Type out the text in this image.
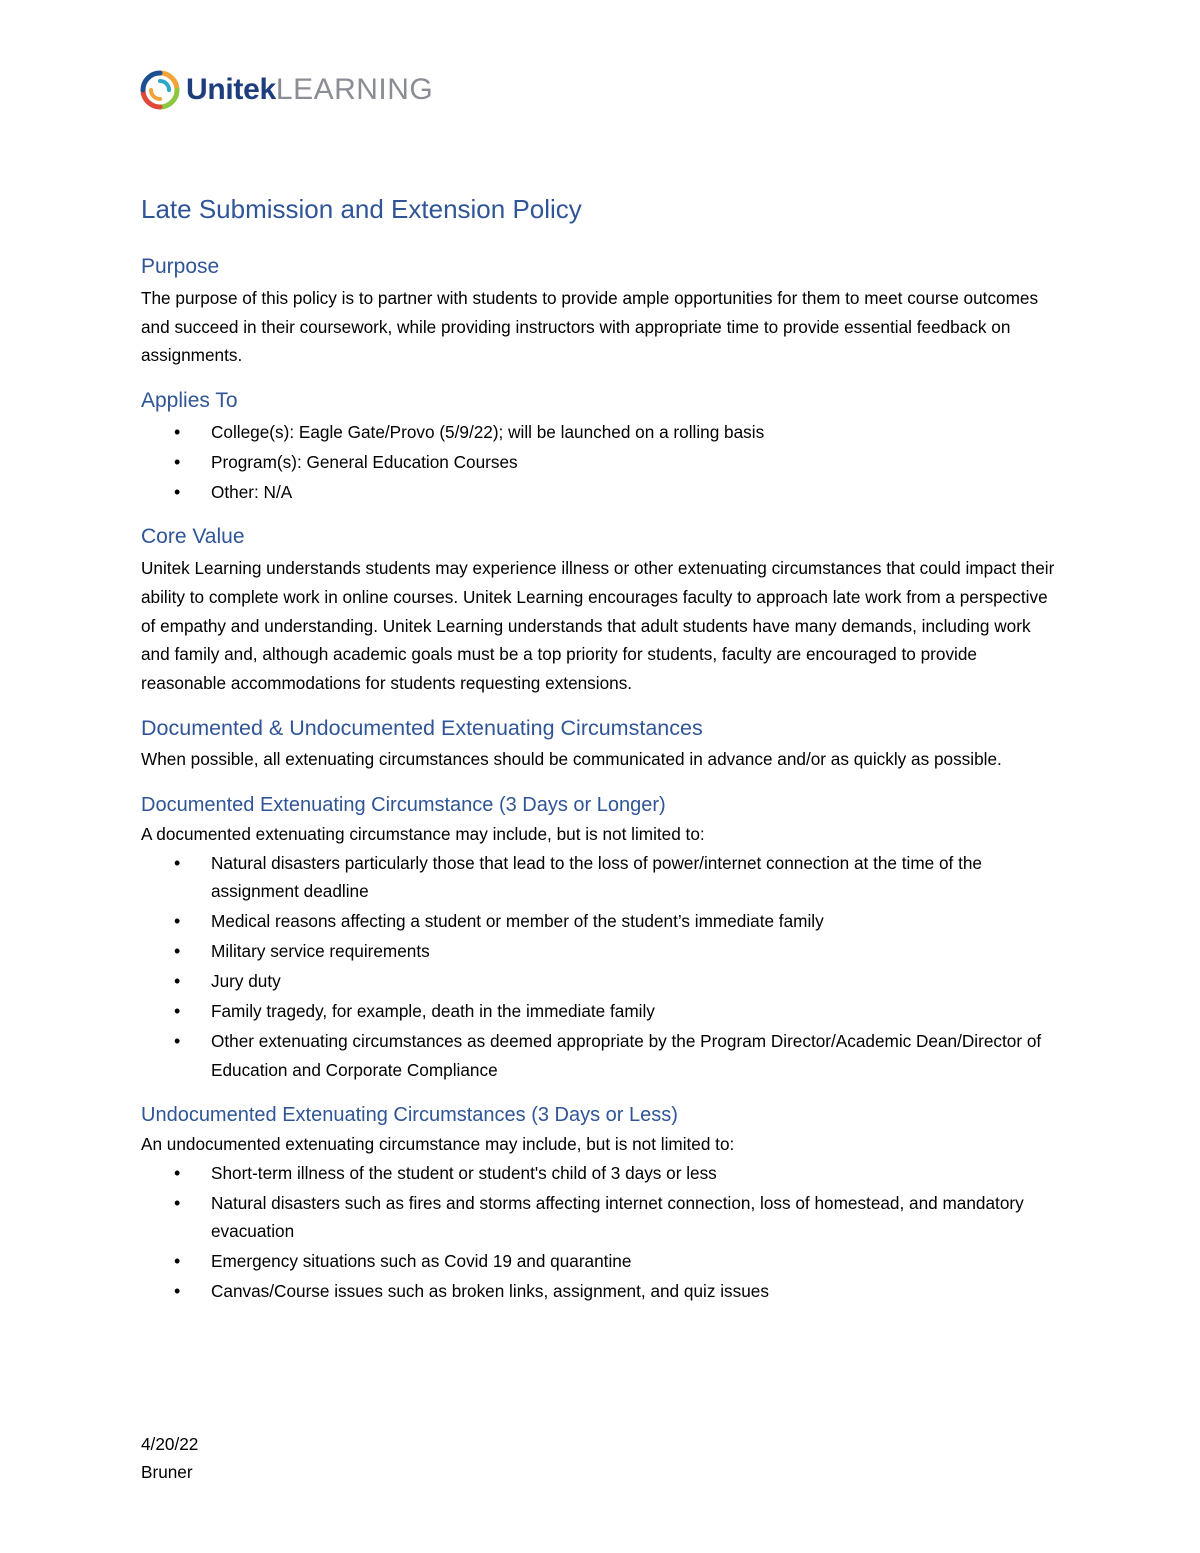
UnitekLEARNING
Late Submission and Extension Policy
Purpose

The purpose of this policy is to partner with students to provide ample opportunities for them to meet course outcomes and succeed in their coursework, while providing instructors with appropriate time to provide essential feedback on assignments.

Applies To
• College(s): Eagle Gate/Provo (5/9/22); will be launched on a rolling basis
• Program(s): General Education Courses
• Other: N/A
Core Value

Unitek Learning understands students may experience illness or other extenuating circumstances that could impact their ability to complete work in online courses. Unitek Learning encourages faculty to approach late work from a perspective of empathy and understanding. Unitek Learning understands that adult students have many demands, including work and family and, although academic goals must be a top priority for students, faculty are encouraged to provide reasonable accommodations for students requesting extensions.

Documented & Undocumented Extenuating Circumstances

When possible, all extenuating circumstances should be communicated in advance and/or as quickly as possible.

Documented Extenuating Circumstance (3 Days or Longer)

A documented extenuating circumstance may include, but is not limited to:

• Natural disasters particularly those that lead to the loss of power/internet connection at the time of the assignment deadline
• Medical reasons affecting a student or member of the student’s immediate family
• Military service requirements
• Jury duty
• Family tragedy, for example, death in the immediate family
• Other extenuating circumstances as deemed appropriate by the Program Director/Academic Dean/Director of Education and Corporate Compliance
Undocumented Extenuating Circumstances (3 Days or Less)

An undocumented extenuating circumstance may include, but is not limited to:

• Short-term illness of the student or student's child of 3 days or less
• Natural disasters such as fires and storms affecting internet connection, loss of homestead, and mandatory evacuation
• Emergency situations such as Covid 19 and quarantine
• Canvas/Course issues such as broken links, assignment, and quiz issues
4/20/22
Bruner
